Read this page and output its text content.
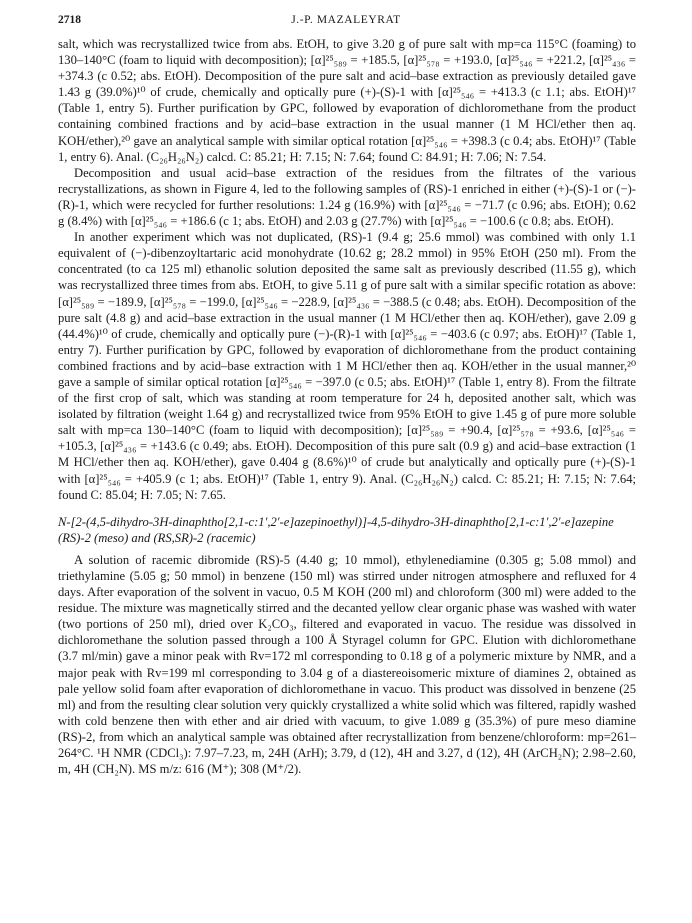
2718	J.-P. MAZALEYRAT

salt, which was recrystallized twice from abs. EtOH, to give 3.20 g of pure salt with mp=ca 115°C (foaming) to 130–140°C (foam to liquid with decomposition); [α]²⁵₅₈₉ = +185.5, [α]²⁵₅₇₈ = +193.0, [α]²⁵₅₄₆ = +221.2, [α]²⁵₄₃₆ = +374.3 (c 0.52; abs. EtOH). Decomposition of the pure salt and acid–base extraction as previously detailed gave 1.43 g (39.0%)¹⁰ of crude, chemically and optically pure (+)-(S)-1 with [α]²⁵₅₄₆ = +413.3 (c 1.1; abs. EtOH)¹⁷ (Table 1, entry 5). Further purification by GPC, followed by evaporation of dichloromethane from the product containing combined fractions and by acid–base extraction in the usual manner (1 M HCl/ether then aq. KOH/ether),²⁰ gave an analytical sample with similar optical rotation [α]²⁵₅₄₆ = +398.3 (c 0.4; abs. EtOH)¹⁷ (Table 1, entry 6). Anal. (C₂₆H₂₆N₂) calcd. C: 85.21; H: 7.15; N: 7.64; found C: 84.91; H: 7.06; N: 7.54.

Decomposition and usual acid–base extraction of the residues from the filtrates of the various recrystallizations, as shown in Figure 4, led to the following samples of (RS)-1 enriched in either (+)-(S)-1 or (−)-(R)-1, which were recycled for further resolutions: 1.24 g (16.9%) with [α]²⁵₅₄₆ = −71.7 (c 0.96; abs. EtOH); 0.62 g (8.4%) with [α]²⁵₅₄₆ = +186.6 (c 1; abs. EtOH) and 2.03 g (27.7%) with [α]²⁵₅₄₆ = −100.6 (c 0.8; abs. EtOH).

In another experiment which was not duplicated, (RS)-1 (9.4 g; 25.6 mmol) was combined with only 1.1 equivalent of (−)-dibenzoyltartaric acid monohydrate (10.62 g; 28.2 mmol) in 95% EtOH (250 ml). From the concentrated (to ca 125 ml) ethanolic solution deposited the same salt as previously described (11.55 g), which was recrystallized three times from abs. EtOH, to give 5.11 g of pure salt with a similar specific rotation as above: [α]²⁵₅₈₉ = −189.9, [α]²⁵₅₇₈ = −199.0, [α]²⁵₅₄₆ = −228.9, [α]²⁵₄₃₆ = −388.5 (c 0.48; abs. EtOH). Decomposition of the pure salt (4.8 g) and acid–base extraction in the usual manner (1 M HCl/ether then aq. KOH/ether), gave 2.09 g (44.4%)¹⁰ of crude, chemically and optically pure (−)-(R)-1 with [α]²⁵₅₄₆ = −403.6 (c 0.97; abs. EtOH)¹⁷ (Table 1, entry 7). Further purification by GPC, followed by evaporation of dichloromethane from the product containing combined fractions and by acid–base extraction with 1 M HCl/ether then aq. KOH/ether in the usual manner,²⁰ gave a sample of similar optical rotation [α]²⁵₅₄₆ = −397.0 (c 0.5; abs. EtOH)¹⁷ (Table 1, entry 8). From the filtrate of the first crop of salt, which was standing at room temperature for 24 h, deposited another salt, which was isolated by filtration (weight 1.64 g) and recrystallized twice from 95% EtOH to give 1.45 g of pure more soluble salt with mp=ca 130–140°C (foam to liquid with decomposition); [α]²⁵₅₈₉ = +90.4, [α]²⁵₅₇₈ = +93.6, [α]²⁵₅₄₆ = +105.3, [α]²⁵₄₃₆ = +143.6 (c 0.49; abs. EtOH). Decomposition of this pure salt (0.9 g) and acid–base extraction (1 M HCl/ether then aq. KOH/ether), gave 0.404 g (8.6%)¹⁰ of crude but analytically and optically pure (+)-(S)-1 with [α]²⁵₅₄₆ = +405.9 (c 1; abs. EtOH)¹⁷ (Table 1, entry 9). Anal. (C₂₆H₂₆N₂) calcd. C: 85.21; H: 7.15; N: 7.64; found C: 85.04; H: 7.05; N: 7.65.

N-[2-(4,5-dihydro-3H-dinaphtho[2,1-c:1′,2′-e]azepinoethyl)]-4,5-dihydro-3H-dinaphtho[2,1-c:1′,2′-e]azepine (RS)-2 (meso) and (RS,SR)-2 (racemic)

A solution of racemic dibromide (RS)-5 (4.40 g; 10 mmol), ethylenediamine (0.305 g; 5.08 mmol) and triethylamine (5.05 g; 50 mmol) in benzene (150 ml) was stirred under nitrogen atmosphere and refluxed for 4 days. After evaporation of the solvent in vacuo, 0.5 M KOH (200 ml) and chloroform (300 ml) were added to the residue. The mixture was magnetically stirred and the decanted yellow clear organic phase was washed with water (two portions of 250 ml), dried over K₂CO₃, filtered and evaporated in vacuo. The residue was dissolved in dichloromethane the solution passed through a 100 Å Styragel column for GPC. Elution with dichloromethane (3.7 ml/min) gave a minor peak with Rv=172 ml corresponding to 0.18 g of a polymeric mixture by NMR, and a major peak with Rv=199 ml corresponding to 3.04 g of a diastereoisomeric mixture of diamines 2, obtained as pale yellow solid foam after evaporation of dichloromethane in vacuo. This product was dissolved in benzene (25 ml) and from the resulting clear solution very quickly crystallized a white solid which was filtered, rapidly washed with cold benzene then with ether and air dried with vacuum, to give 1.089 g (35.3%) of pure meso diamine (RS)-2, from which an analytical sample was obtained after recrystallization from benzene/chloroform: mp=261–264°C. ¹H NMR (CDCl₃): 7.97–7.23, m, 24H (ArH); 3.79, d (12), 4H and 3.27, d (12), 4H (ArCH₂N); 2.98–2.60, m, 4H (CH₂N). MS m/z: 616 (M⁺); 308 (M⁺/2).
